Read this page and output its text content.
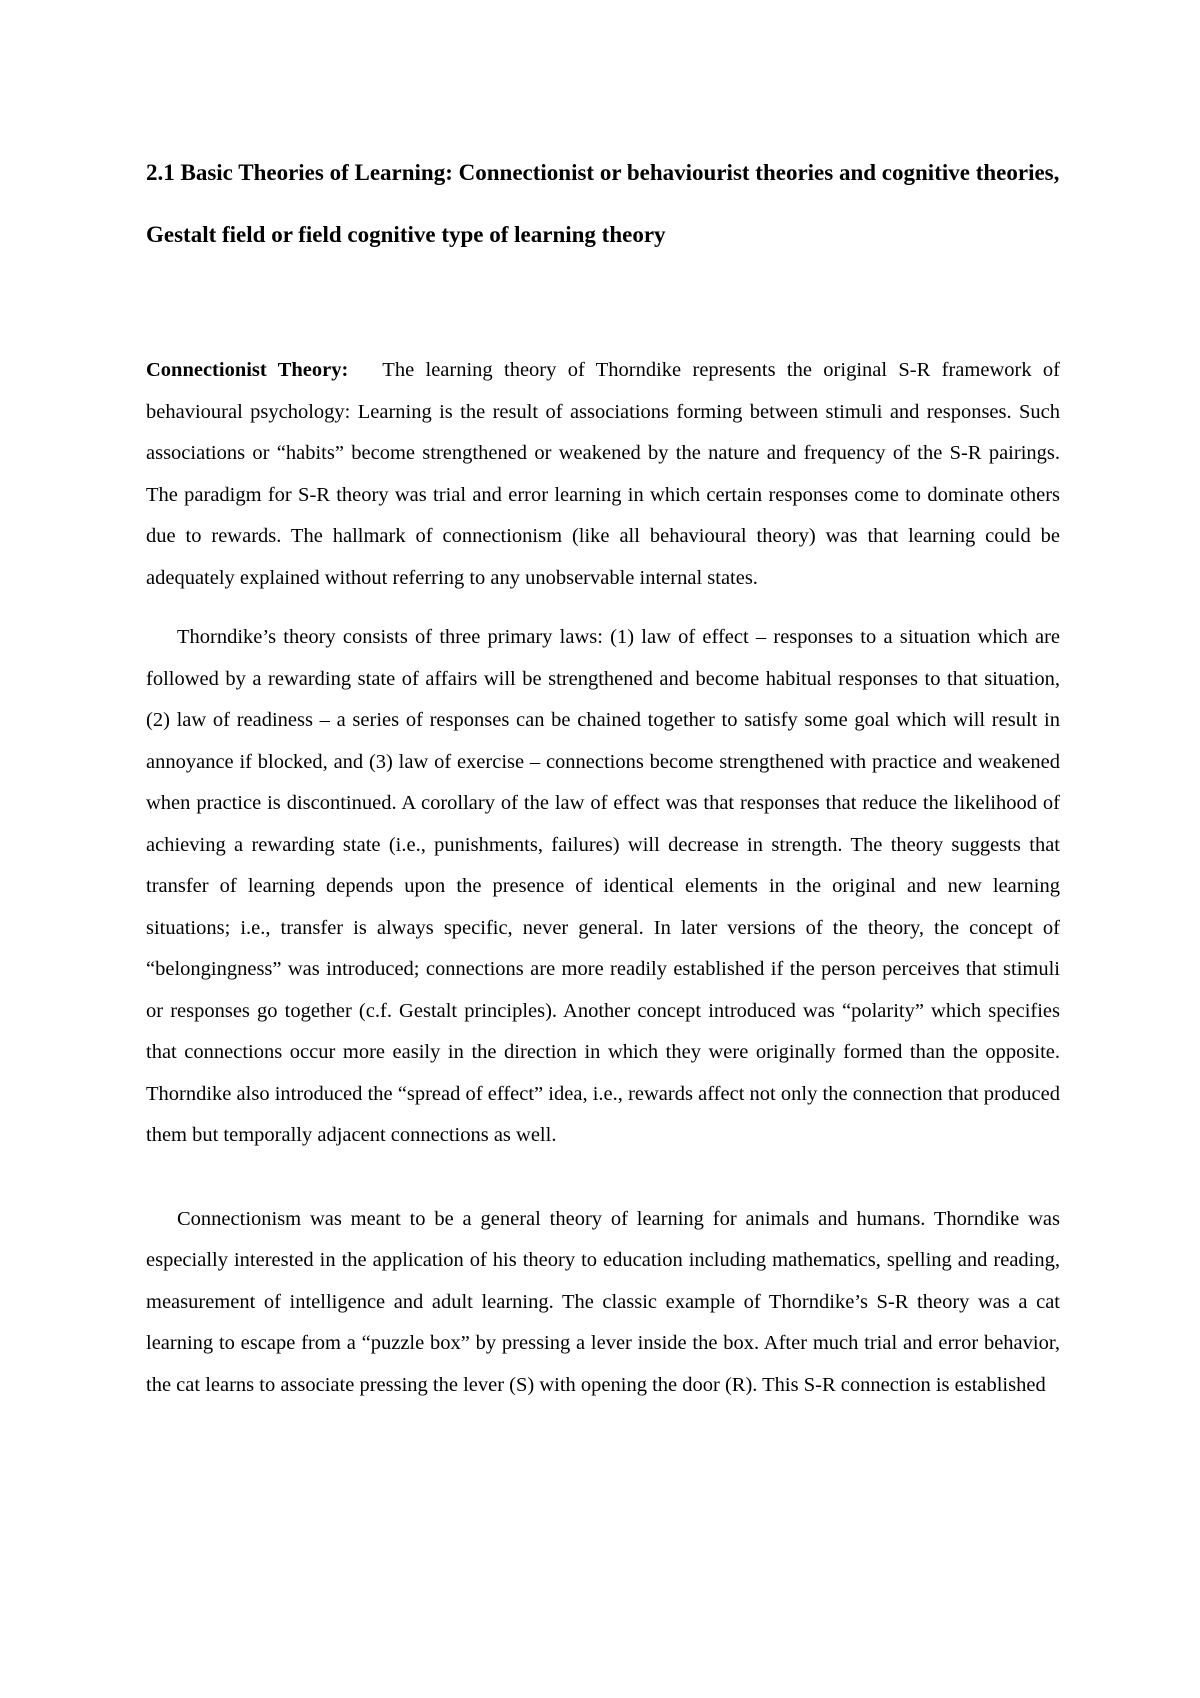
2.1 Basic Theories of Learning: Connectionist or behaviourist theories and cognitive theories, Gestalt field or field cognitive type of learning theory

Connectionist Theory: The learning theory of Thorndike represents the original S-R framework of behavioural psychology: Learning is the result of associations forming between stimuli and responses. Such associations or “habits” become strengthened or weakened by the nature and frequency of the S-R pairings. The paradigm for S-R theory was trial and error learning in which certain responses come to dominate others due to rewards. The hallmark of connectionism (like all behavioural theory) was that learning could be adequately explained without referring to any unobservable internal states.

Thorndike’s theory consists of three primary laws: (1) law of effect – responses to a situation which are followed by a rewarding state of affairs will be strengthened and become habitual responses to that situation, (2) law of readiness – a series of responses can be chained together to satisfy some goal which will result in annoyance if blocked, and (3) law of exercise – connections become strengthened with practice and weakened when practice is discontinued. A corollary of the law of effect was that responses that reduce the likelihood of achieving a rewarding state (i.e., punishments, failures) will decrease in strength. The theory suggests that transfer of learning depends upon the presence of identical elements in the original and new learning situations; i.e., transfer is always specific, never general. In later versions of the theory, the concept of “belongingness” was introduced; connections are more readily established if the person perceives that stimuli or responses go together (c.f. Gestalt principles). Another concept introduced was “polarity” which specifies that connections occur more easily in the direction in which they were originally formed than the opposite. Thorndike also introduced the “spread of effect” idea, i.e., rewards affect not only the connection that produced them but temporally adjacent connections as well.

Connectionism was meant to be a general theory of learning for animals and humans. Thorndike was especially interested in the application of his theory to education including mathematics, spelling and reading, measurement of intelligence and adult learning. The classic example of Thorndike’s S-R theory was a cat learning to escape from a “puzzle box” by pressing a lever inside the box. After much trial and error behavior, the cat learns to associate pressing the lever (S) with opening the door (R). This S-R connection is established
